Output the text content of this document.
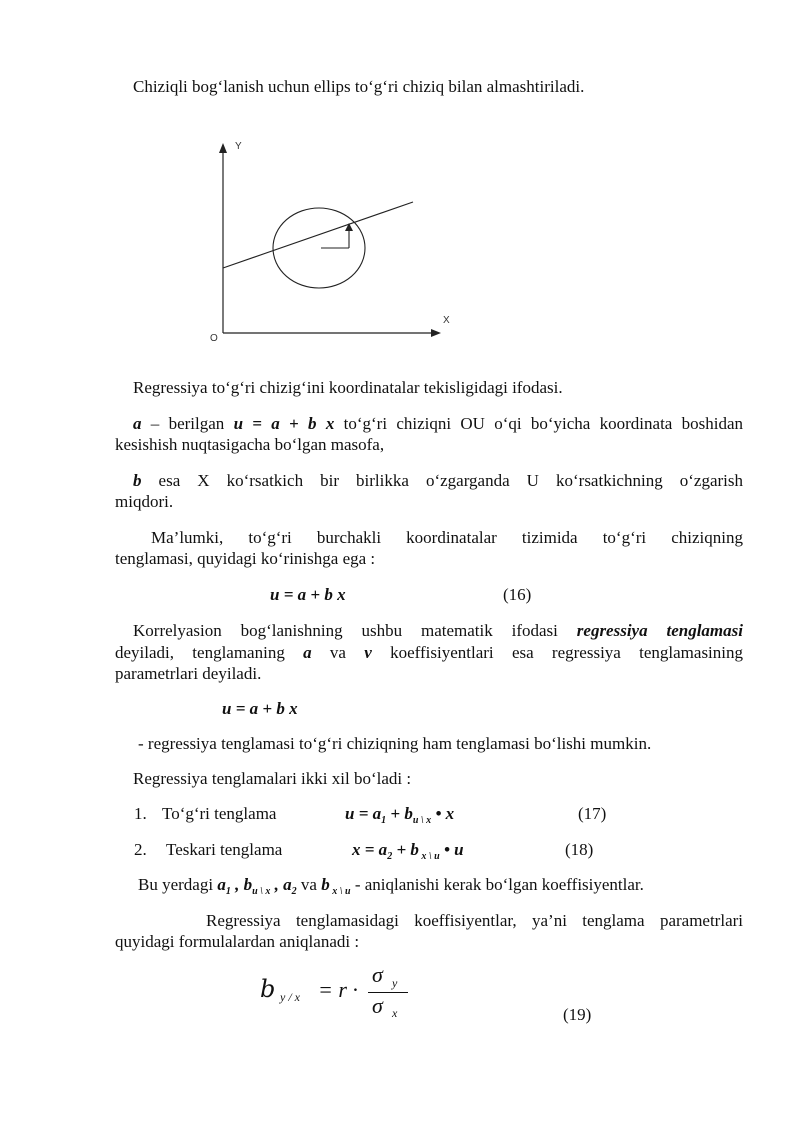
Chiziqli bog‘lanish uchun ellips to‘g‘ri chiziq bilan almashtiriladi.
Y
X
O
Regressiya to‘g‘ri chizig‘ini koordinatalar tekisligidagi ifodasi.
a – berilgan u = a + b x to‘g‘ri chiziqni OU o‘qi bo‘yicha koordinata boshidan
kesishish nuqtasigacha bo‘lgan masofa,
b esa X ko‘rsatkich bir birlikka o‘zgarganda U ko‘rsatkichning o‘zgarish
miqdori.
Ma’lumki, to‘g‘ri burchakli koordinatalar tizimida to‘g‘ri chiziqning
tenglamasi, quyidagi ko‘rinishga ega :
u = a + b x	(16)
Korrelyasion bog‘lanishning ushbu matematik ifodasi regressiya tenglamasi
deyiladi, tenglamaning a va v koeffisiyentlari esa regressiya tenglamasining
parametrlari deyiladi.
u = a + b x
- regressiya tenglamasi to‘g‘ri chiziqning ham tenglamasi bo‘lishi mumkin.
Regressiya tenglamalari ikki xil bo‘ladi :
1. To‘g‘ri tenglama	$u = a_1 + b_{u \backslash x}$ • x	(17)
2. Teskari tenglama	$x = a_2 + b$ $_{x \backslash u}$ • u	(18)
Bu yerdagi $a_1$ , $b_{u \backslash x}$ , $a_2$ va b $_{x \backslash u}$ - aniqlanishi kerak bo‘lgan koeffisiyentlar.
Regressiya tenglamasidagi koeffisiyentlar, ya’ni tenglama parametrlari
quyidagi formulalardan aniqlanadi :
b y / x = r ·
σ y
σ x	(19)
